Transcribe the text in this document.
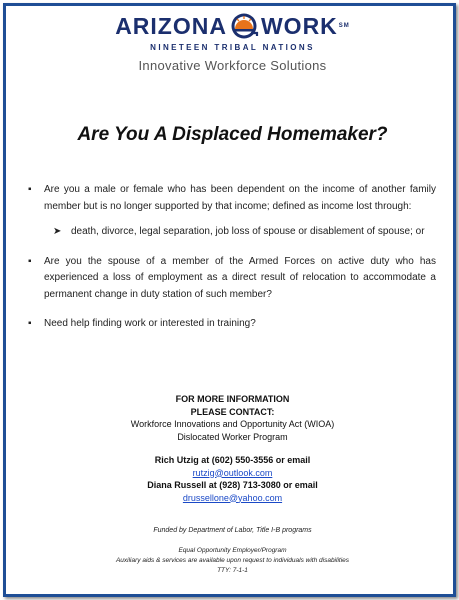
ARIZONA WORK SM
NINETEEN TRIBAL NATIONS
Innovative Workforce Solutions
Are You A Displaced Homemaker?
▪ Are you a male or female who has been dependent on the income of another family member but is no longer supported by that income; defined as income lost through:
➤ death, divorce, legal separation, job loss of spouse or disablement of spouse; or
▪ Are you the spouse of a member of the Armed Forces on active duty who has experienced a loss of employment as a direct result of relocation to accommodate a permanent change in duty station of such member?
▪ Need help finding work or interested in training?
FOR MORE INFORMATION
PLEASE CONTACT:
Workforce Innovations and Opportunity Act (WIOA)
Dislocated Worker Program
Rich Utzig at (602) 550-3556 or email
rutzig@outlook.com
Diana Russell at (928) 713-3080 or email
drussellone@yahoo.com
Funded by Department of Labor, Title I-B programs
Equal Opportunity Employer/Program
Auxiliary aids & services are available upon request to individuals with disabilities
TTY: 7-1-1
